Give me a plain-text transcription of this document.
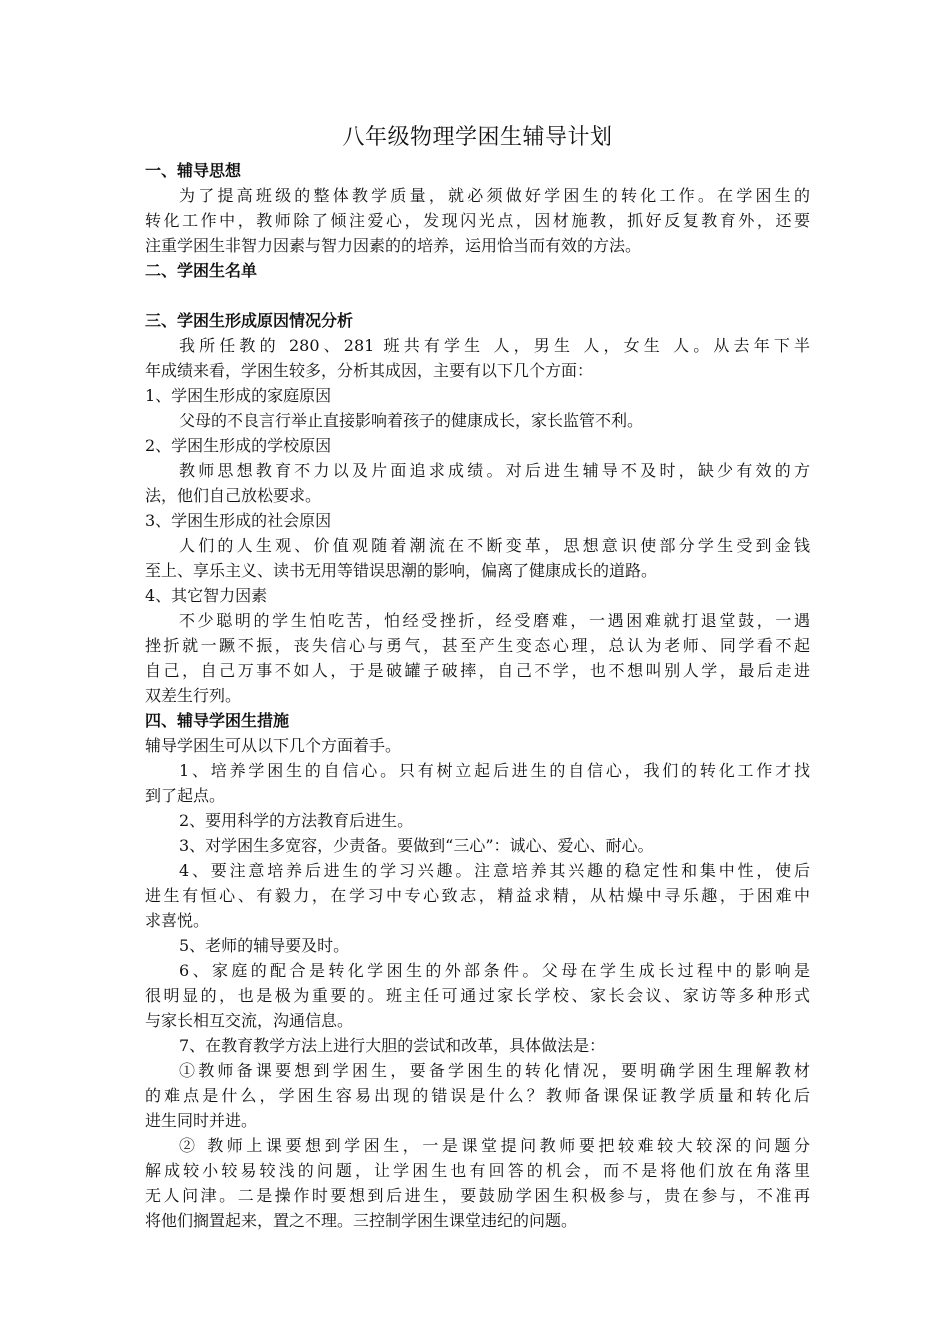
八年级物理学困生辅导计划

一、辅导思想

为了提高班级的整体教学质量，就必须做好学困生的转化工作。在学困生的

转化工作中，教师除了倾注爱心，发现闪光点，因材施教，抓好反复教育外，还要

注重学困生非智力因素与智力因素的的培养，运用恰当而有效的方法。

二、学困生名单

三、学困生形成原因情况分析

我所任教的 280、281 班共有学生 人，男生 人，女生 人。从去年下半

年成绩来看，学困生较多，分析其成因，主要有以下几个方面：

1、学困生形成的家庭原因

父母的不良言行举止直接影响着孩子的健康成长，家长监管不利。

2、学困生形成的学校原因

教师思想教育不力以及片面追求成绩。对后进生辅导不及时，缺少有效的方

法，他们自己放松要求。

3、学困生形成的社会原因

人们的人生观、价值观随着潮流在不断变革，思想意识使部分学生受到金钱

至上、享乐主义、读书无用等错误思潮的影响，偏离了健康成长的道路。

4、其它智力因素

不少聪明的学生怕吃苦，怕经受挫折，经受磨难，一遇困难就打退堂鼓，一遇

挫折就一蹶不振，丧失信心与勇气，甚至产生变态心理，总认为老师、同学看不起

自己，自己万事不如人，于是破罐子破摔，自己不学，也不想叫别人学，最后走进

双差生行列。

四、辅导学困生措施

辅导学困生可从以下几个方面着手。

1、培养学困生的自信心。只有树立起后进生的自信心，我们的转化工作才找

到了起点。

2、要用科学的方法教育后进生。

3、对学困生多宽容，少责备。要做到“三心”：诚心、爱心、耐心。

4、要注意培养后进生的学习兴趣。注意培养其兴趣的稳定性和集中性，使后

进生有恒心、有毅力，在学习中专心致志，精益求精，从枯燥中寻乐趣，于困难中

求喜悦。

5、老师的辅导要及时。

6、家庭的配合是转化学困生的外部条件。父母在学生成长过程中的影响是

很明显的，也是极为重要的。班主任可通过家长学校、家长会议、家访等多种形式

与家长相互交流，沟通信息。

7、在教育教学方法上进行大胆的尝试和改革，具体做法是：

①教师备课要想到学困生，要备学困生的转化情况，要明确学困生理解教材

的难点是什么，学困生容易出现的错误是什么？教师备课保证教学质量和转化后

进生同时并进。

② 教师上课要想到学困生，一是课堂提问教师要把较难较大较深的问题分

解成较小较易较浅的问题，让学困生也有回答的机会，而不是将他们放在角落里

无人问津。二是操作时要想到后进生，要鼓励学困生积极参与，贵在参与，不准再

将他们搁置起来，置之不理。三控制学困生课堂违纪的问题。
